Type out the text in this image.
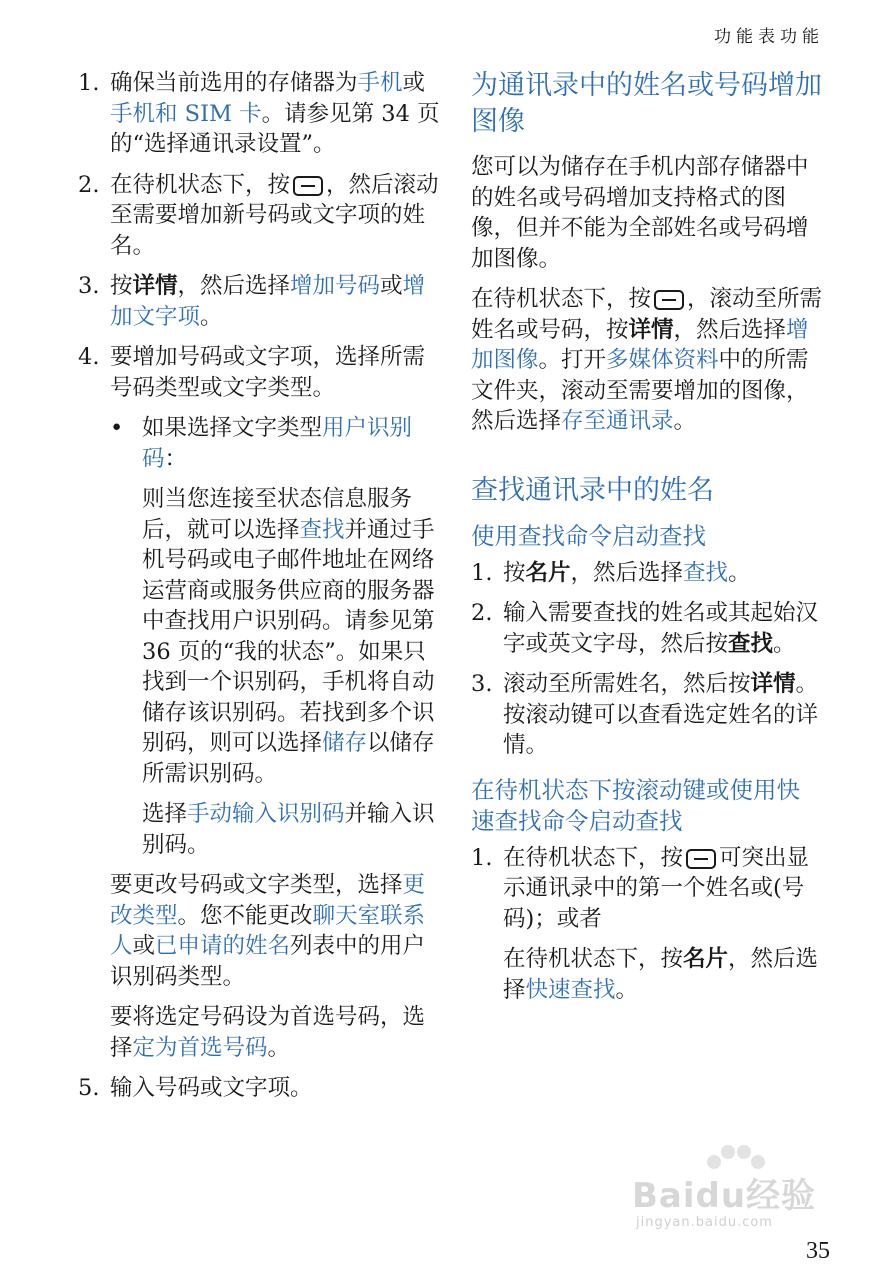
功能表功能
1. 确保当前选用的存储器为手机或手机和 SIM 卡。请参见第 34 页的“选择通讯录设置”。
2. 在待机状态下，按 ，然后滚动至需要增加新号码或文字项的姓名。
3. 按详情，然后选择增加号码或增加文字项。
4. 要增加号码或文字项，选择所需号码类型或文字类型。
• 如果选择文字类型用户识别码：
则当您连接至状态信息服务后，就可以选择查找并通过手机号码或电子邮件地址在网络运营商或服务供应商的服务器中查找用户识别码。请参见第 36 页的“我的状态”。如果只找到一个识别码，手机将自动储存该识别码。若找到多个识别码，则可以选择储存以储存所需识别码。
选择手动输入识别码并输入识别码。
要更改号码或文字类型，选择更改类型。您不能更改聊天室联系人或已申请的姓名列表中的用户识别码类型。
要将选定号码设为首选号码，选择定为首选号码。
5. 输入号码或文字项。
为通讯录中的姓名或号码增加图像

您可以为储存在手机内部存储器中的姓名或号码增加支持格式的图像，但并不能为全部姓名或号码增加图像。

在待机状态下，按 ，滚动至所需姓名或号码，按详情，然后选择增加图像。打开多媒体资料中的所需文件夹，滚动至需要增加的图像，然后选择存至通讯录。

查找通讯录中的姓名
使用查找命令启动查找
1. 按名片，然后选择查找。
2. 输入需要查找的姓名或其起始汉字或英文字母，然后按查找。
3. 滚动至所需姓名，然后按详情。按滚动键可以查看选定姓名的详情。
在待机状态下按滚动键或使用快速查找命令启动查找
1. 在待机状态下，按 可突出显示通讯录中的第一个姓名或(号码)；或者
在待机状态下，按名片，然后选择快速查找。
Baidu经验
jingyan.baidu.com
35
